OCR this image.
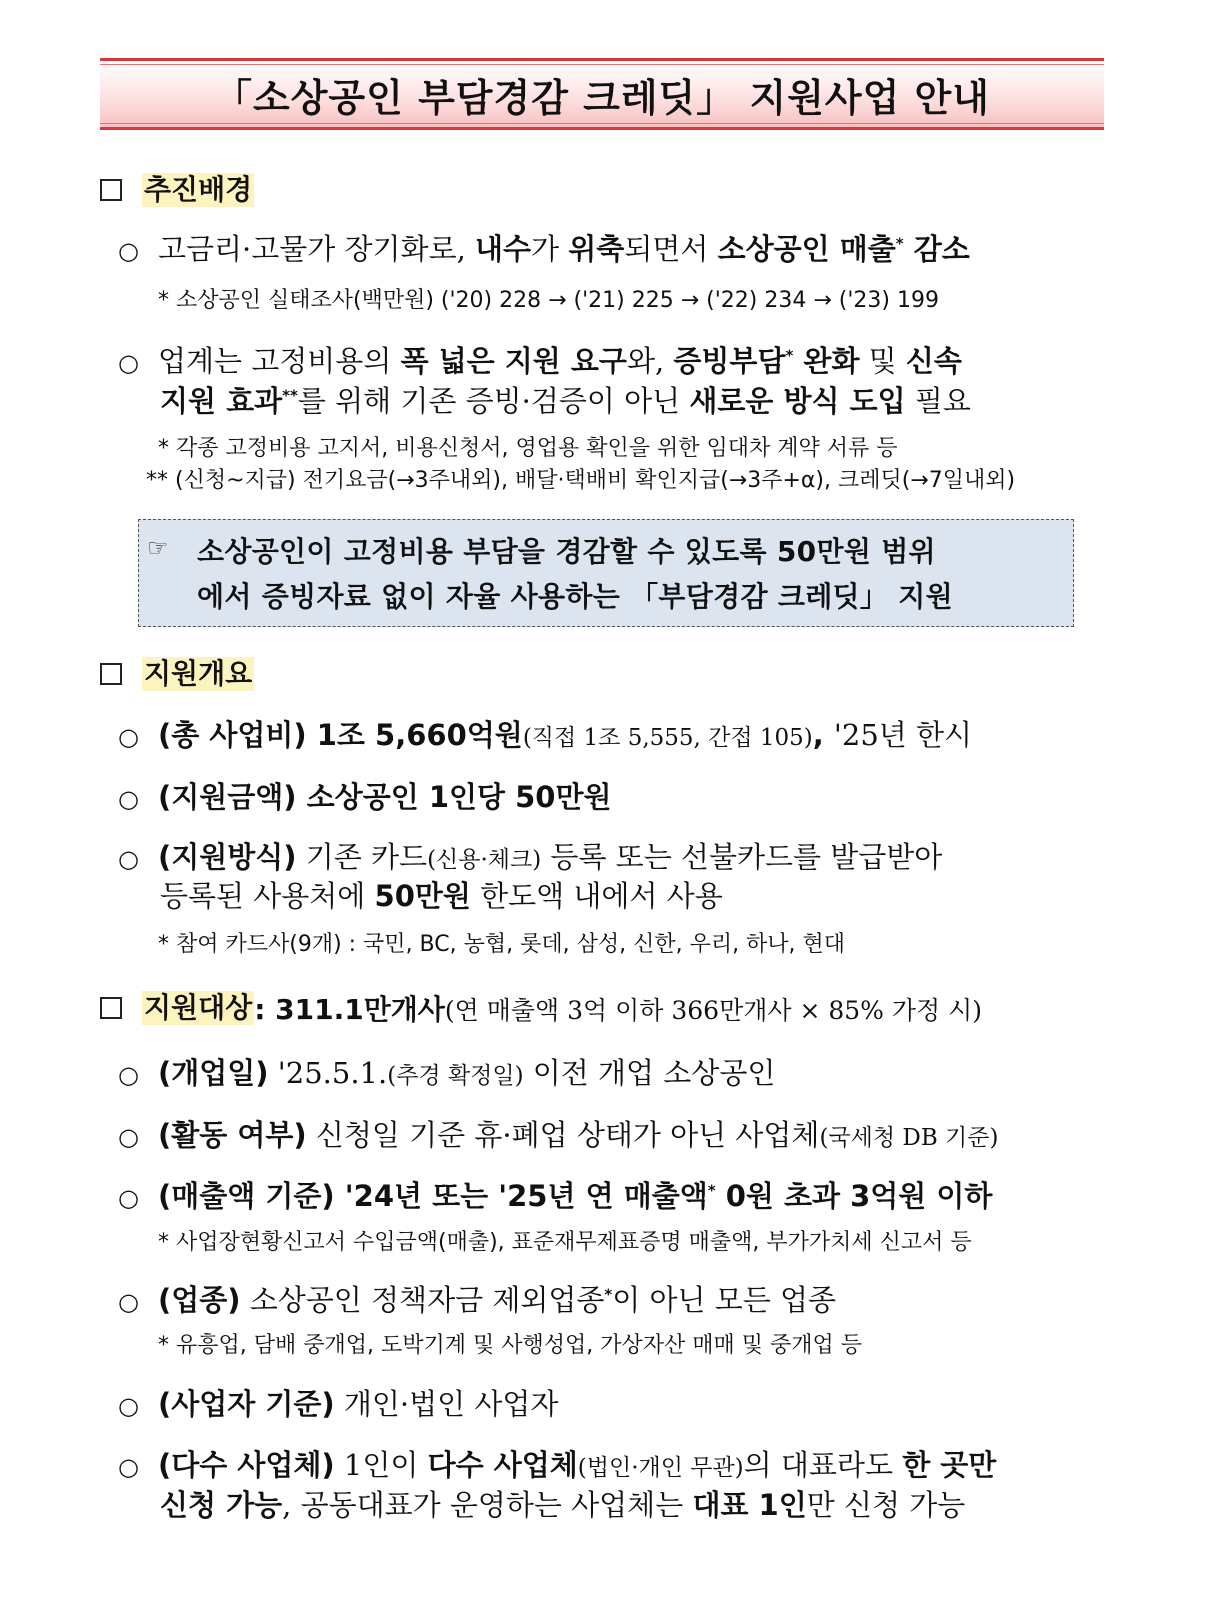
「소상공인 부담경감 크레딧」 지원사업 안내
추진배경
○ 고금리·고물가 장기화로, 내수가 위축되면서 소상공인 매출* 감소
* 소상공인 실태조사(백만원) ('20) 228 → ('21) 225 → ('22) 234 → ('23) 199
○ 업계는 고정비용의 폭 넓은 지원 요구와, 증빙부담* 완화 및 신속
지원 효과**를 위해 기존 증빙·검증이 아닌 새로운 방식 도입 필요
* 각종 고정비용 고지서, 비용신청서, 영업용 확인을 위한 임대차 계약 서류 등
** (신청~지급) 전기요금(→3주내외), 배달·택배비 확인지급(→3주+α), 크레딧(→7일내외)
☞ 소상공인이 고정비용 부담을 경감할 수 있도록 50만원 범위
에서 증빙자료 없이 자율 사용하는 「부담경감 크레딧」 지원
지원개요
○ (총 사업비) 1조 5,660억원(직접 1조 5,555, 간접 105), '25년 한시
○ (지원금액) 소상공인 1인당 50만원
○ (지원방식) 기존 카드(신용·체크) 등록 또는 선불카드를 발급받아
등록된 사용처에 50만원 한도액 내에서 사용
* 참여 카드사(9개) : 국민, BC, 농협, 롯데, 삼성, 신한, 우리, 하나, 현대
지원대상 : 311.1만개사(연 매출액 3억 이하 366만개사 × 85% 가정 시)
○ (개업일) '25.5.1.(추경 확정일) 이전 개업 소상공인
○ (활동 여부) 신청일 기준 휴·폐업 상태가 아닌 사업체(국세청 DB 기준)
○ (매출액 기준) '24년 또는 '25년 연 매출액* 0원 초과 3억원 이하
* 사업장현황신고서 수입금액(매출), 표준재무제표증명 매출액, 부가가치세 신고서 등
○ (업종) 소상공인 정책자금 제외업종*이 아닌 모든 업종
* 유흥업, 담배 중개업, 도박기계 및 사행성업, 가상자산 매매 및 중개업 등
○ (사업자 기준) 개인·법인 사업자
○ (다수 사업체) 1인이 다수 사업체(법인·개인 무관)의 대표라도 한 곳만
신청 가능, 공동대표가 운영하는 사업체는 대표 1인만 신청 가능
